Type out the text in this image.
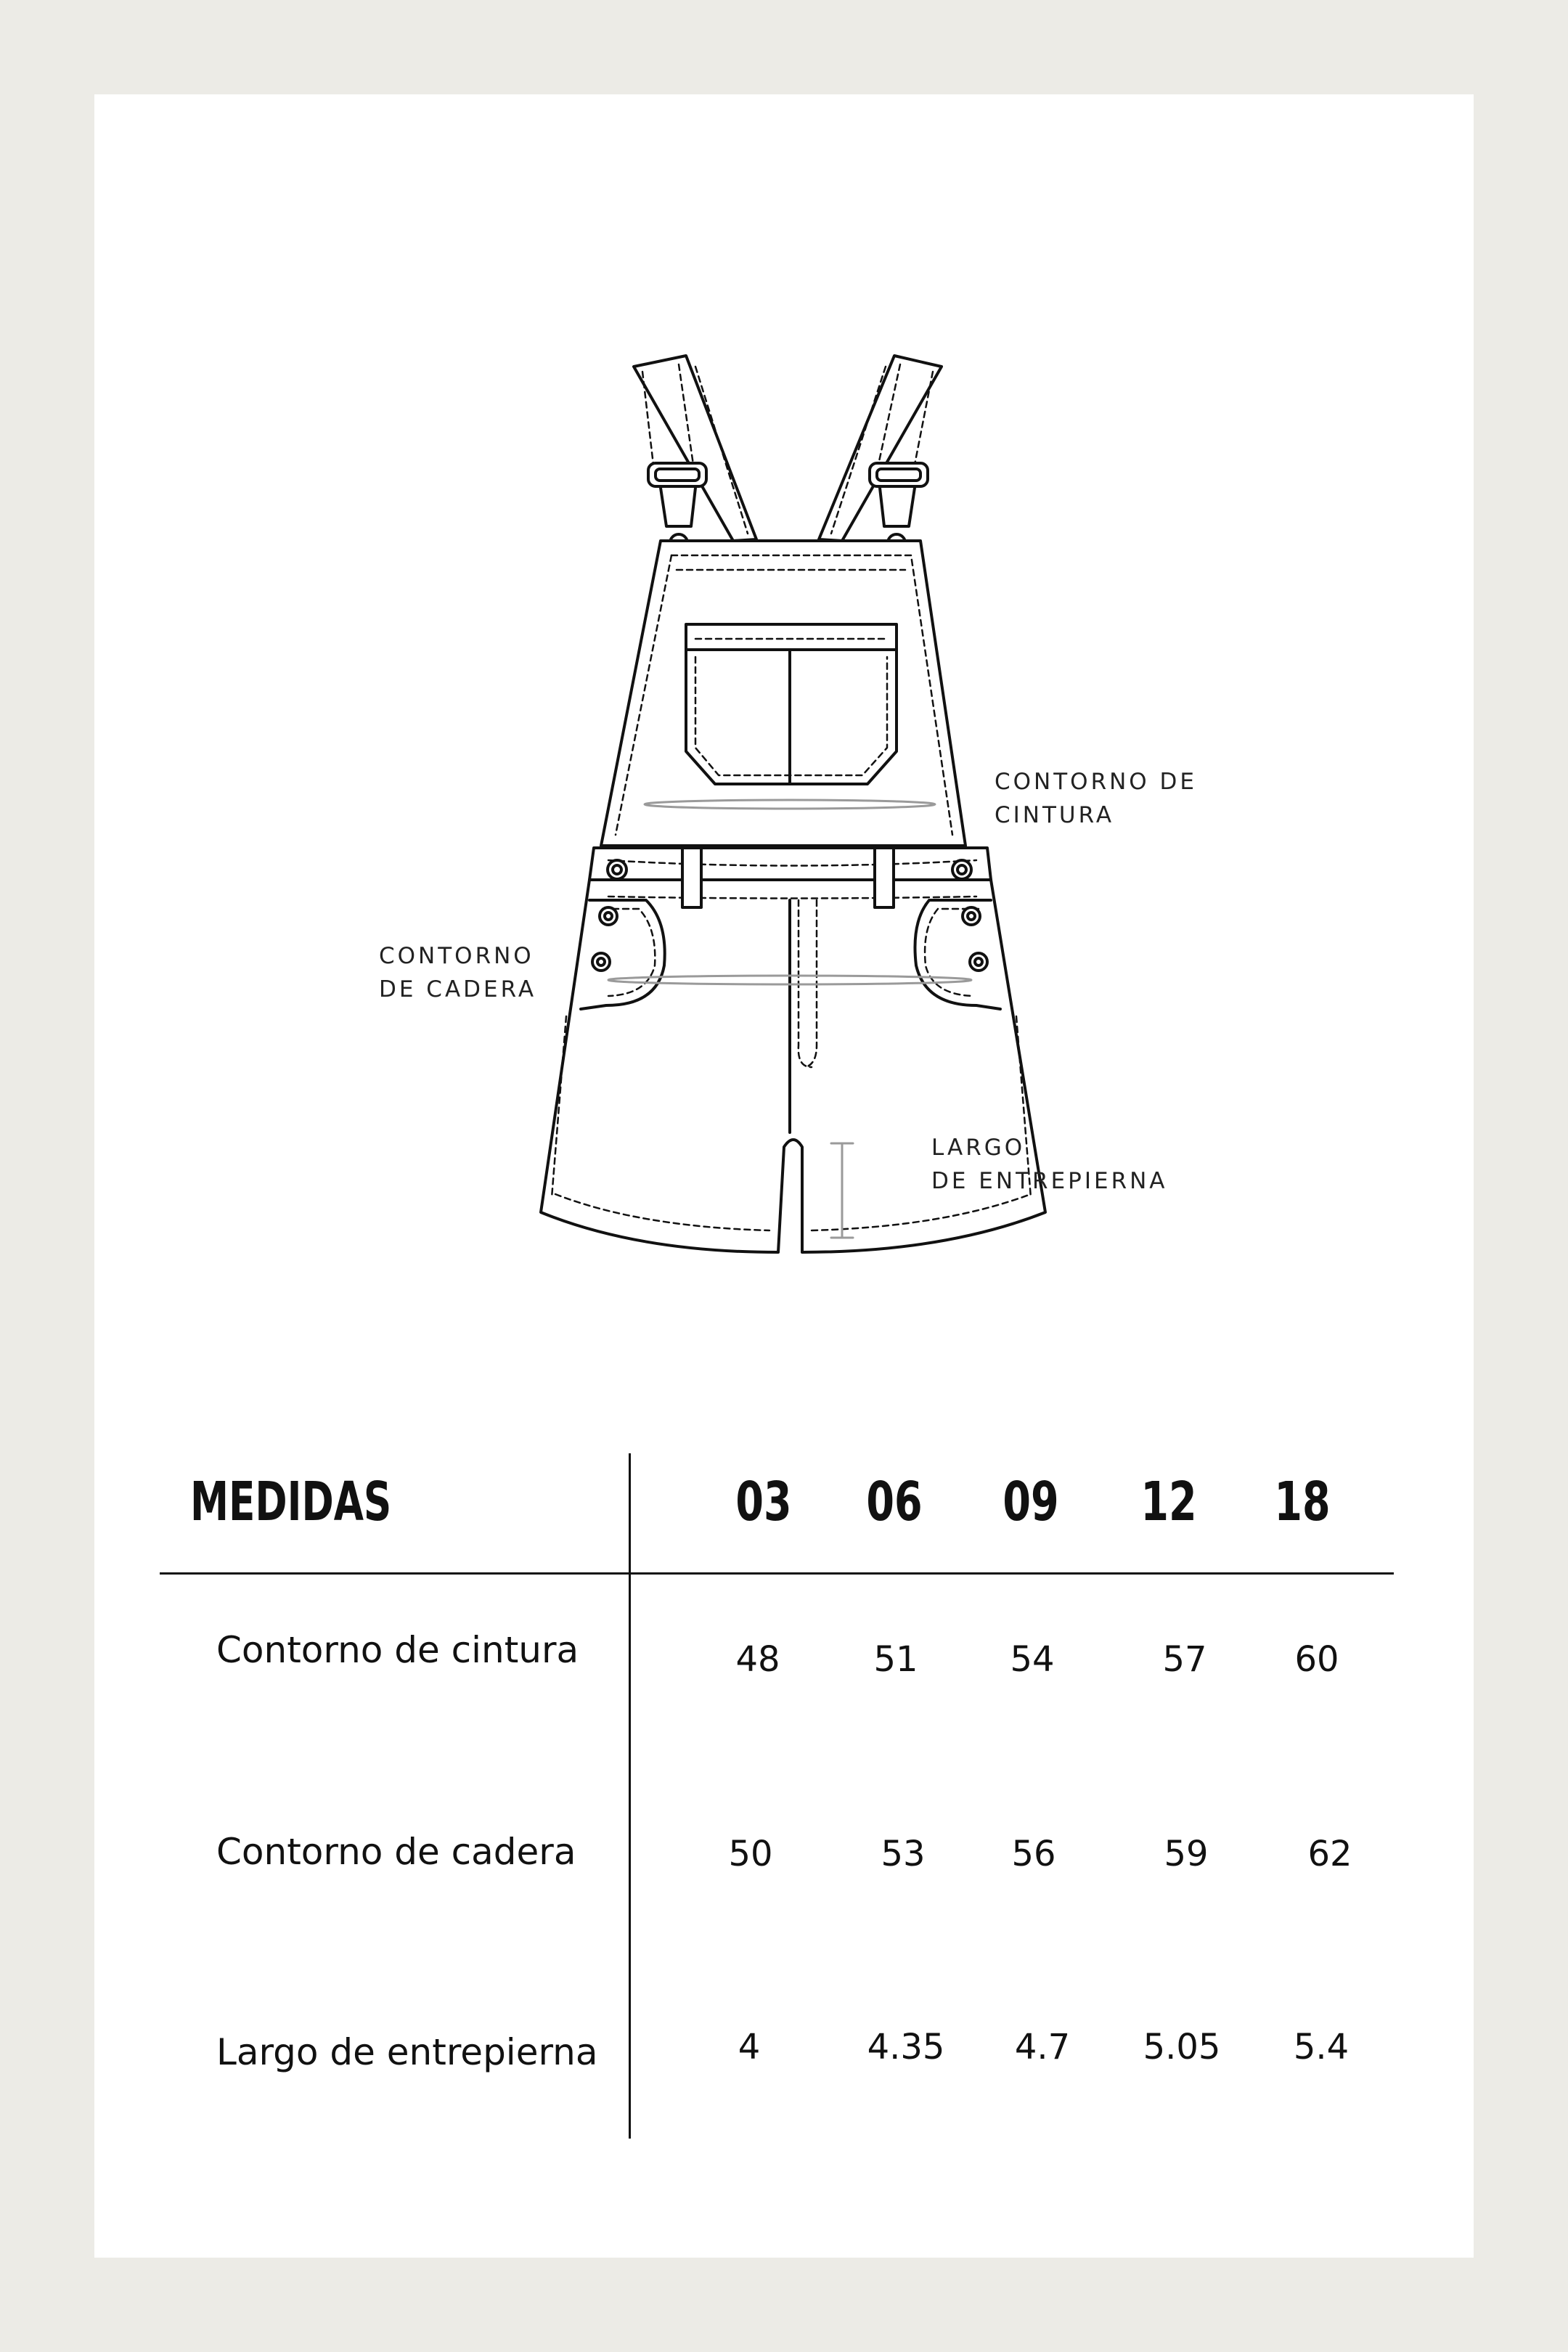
CONTORNO DE
CINTURA
CONTORNO
DE CADERA
LARGO
DE ENTREPIERNA
MEDIDAS	03	06	09	12	18
Contorno de cintura	48	51	54	57	60
Contorno de cadera	50	53	56	59	62
Largo de entrepierna	4	4.35	4.7	5.05	5.4
